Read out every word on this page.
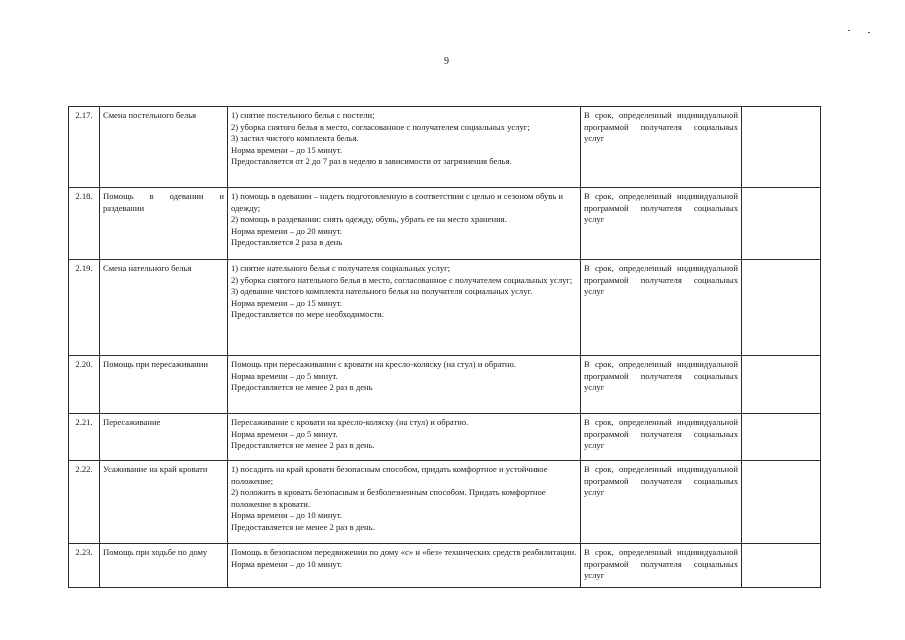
9
2.17.	Смена постельного белья	1) снятие постельного белья с постели;
2) уборка снятого белья в место, согласованное с получателем социальных услуг;
3) застил чистого комплекта белья.
Норма времени – до 15 минут.
Предоставляется от 2 до 7 раз в неделю в зависимости от загрязнения белья.	В срок, определенный индивидуальной программой получателя социальных услуг	
2.18.	Помощь в одевании и раздевании	1) помощь в одевании – надеть подготовленную в соответствии с целью и сезоном обувь и одежду;
2) помощь в раздевании: снять одежду, обувь, убрать ее на место хранения.
Норма времени – до 20 минут.
Предоставляется 2 раза в день	В срок, определенный индивидуальной программой получателя социальных услуг	
2.19.	Смена нательного белья	1) снятие нательного белья с получателя социальных услуг;
2) уборка снятого нательного белья в место, согласованное с получателем социальных услуг;
3) одевание чистого комплекта нательного белья на получателя социальных услуг.
Норма времени – до 15 минут.
Предоставляется по мере необходимости.	В срок, определенный индивидуальной программой получателя социальных услуг	
2.20.	Помощь при пересаживании	Помощь при пересаживании с кровати на кресло-коляску (на стул) и обратно.
Норма времени – до 5 минут.
Предоставляется не менее 2 раз в день	В срок, определенный индивидуальной программой получателя социальных услуг	
2.21.	Пересаживание	Пересаживание с кровати на кресло-коляску (на стул) и обратно.
Норма времени – до 5 минут.
Предоставляется не менее 2 раз в день.	В срок, определенный индивидуальной программой получателя социальных услуг	
2.22.	Усаживание на край кровати	1) посадить на край кровати безопасным способом, придать комфортное и устойчивое положение;
2) положить в кровать безопасным и безболезненным способом. Придать комфортное положение в кровати.
Норма времени – до 10 минут.
Предоставляется не менее 2 раз в день.	В срок, определенный индивидуальной программой получателя социальных услуг	
2.23.	Помощь при ходьбе по дому	Помощь в безопасном передвижении по дому «с» и «без» технических средств реабилитации.
Норма времени – до 10 минут.	В срок, определенный индивидуальной программой получателя социальных услуг	
